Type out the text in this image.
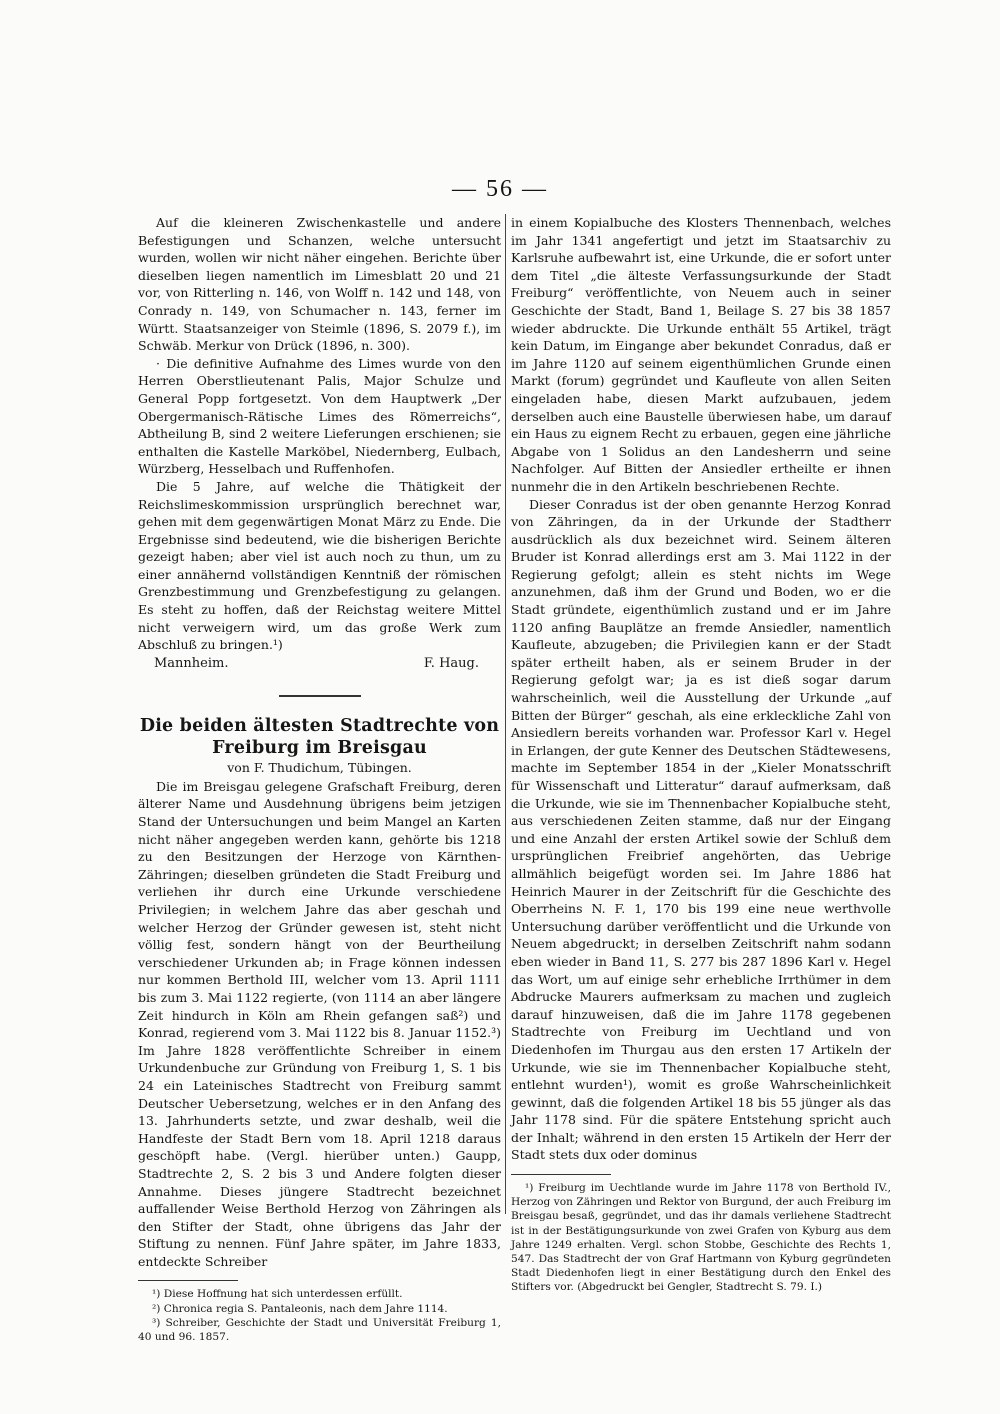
— 56 —

Auf die kleineren Zwischenkastelle und andere Befestigungen und Schanzen, welche untersucht wurden, wollen wir nicht näher eingehen. Berichte über dieselben liegen namentlich im Limesblatt 20 und 21 vor, von Ritterling n. 146, von Wolff n. 142 und 148, von Conrady n. 149, von Schumacher n. 143, ferner im Württ. Staatsanzeiger von Steimle (1896, S. 2079 f.), im Schwäb. Merkur von Drück (1896, n. 300).

· Die definitive Aufnahme des Limes wurde von den Herren Oberstlieutenant Palis, Major Schulze und General Popp fortgesetzt. Von dem Hauptwerk „Der Obergermanisch-Rätische Limes des Römerreichs“, Abtheilung B, sind 2 weitere Lieferungen erschienen; sie enthalten die Kastelle Marköbel, Niedernberg, Eulbach, Würzberg, Hesselbach und Ruffenhofen.

Die 5 Jahre, auf welche die Thätigkeit der Reichslimeskommission ursprünglich berechnet war, gehen mit dem gegenwärtigen Monat März zu Ende. Die Ergebnisse sind bedeutend, wie die bisherigen Berichte gezeigt haben; aber viel ist auch noch zu thun, um zu einer annähernd vollständigen Kenntniß der römischen Grenzbestimmung und Grenzbefestigung zu gelangen. Es steht zu hoffen, daß der Reichstag weitere Mittel nicht verweigern wird, um das große Werk zum Abschluß zu bringen.¹)

Mannheim.	F. Haug.
Die beiden ältesten Stadtrechte von Freiburg im Breisgau
von F. Thudichum, Tübingen.

Die im Breisgau gelegene Grafschaft Freiburg, deren älterer Name und Ausdehnung übrigens beim jetzigen Stand der Untersuchungen und beim Mangel an Karten nicht näher angegeben werden kann, gehörte bis 1218 zu den Besitzungen der Herzoge von Kärnthen-Zähringen; dieselben gründeten die Stadt Freiburg und verliehen ihr durch eine Urkunde verschiedene Privilegien; in welchem Jahre das aber geschah und welcher Herzog der Gründer gewesen ist, steht nicht völlig fest, sondern hängt von der Beurtheilung verschiedener Urkunden ab; in Frage können indessen nur kommen Berthold III, welcher vom 13. April 1111 bis zum 3. Mai 1122 regierte, (von 1114 an aber längere Zeit hindurch in Köln am Rhein gefangen saß²) und Konrad, regierend vom 3. Mai 1122 bis 8. Januar 1152.³) Im Jahre 1828 veröffentlichte Schreiber in einem Urkundenbuche zur Gründung von Freiburg 1, S. 1 bis 24 ein Lateinisches Stadtrecht von Freiburg sammt Deutscher Uebersetzung, welches er in den Anfang des 13. Jahrhunderts setzte, und zwar deshalb, weil die Handfeste der Stadt Bern vom 18. April 1218 daraus geschöpft habe. (Vergl. hierüber unten.) Gaupp, Stadtrechte 2, S. 2 bis 3 und Andere folgten dieser Annahme. Dieses jüngere Stadtrecht bezeichnet auffallender Weise Berthold Herzog von Zähringen als den Stifter der Stadt, ohne übrigens das Jahr der Stiftung zu nennen. Fünf Jahre später, im Jahre 1833, entdeckte Schreiber

¹) Diese Hoffnung hat sich unterdessen erfüllt.

²) Chronica regia S. Pantaleonis, nach dem Jahre 1114.

³) Schreiber, Geschichte der Stadt und Universität Freiburg 1, 40 und 96. 1857.

in einem Kopialbuche des Klosters Thennenbach, welches im Jahr 1341 angefertigt und jetzt im Staatsarchiv zu Karlsruhe aufbewahrt ist, eine Urkunde, die er sofort unter dem Titel „die älteste Verfassungsurkunde der Stadt Freiburg“ veröffentlichte, von Neuem auch in seiner Geschichte der Stadt, Band 1, Beilage S. 27 bis 38 1857 wieder abdruckte. Die Urkunde enthält 55 Artikel, trägt kein Datum, im Eingange aber bekundet Conradus, daß er im Jahre 1120 auf seinem eigenthümlichen Grunde einen Markt (forum) gegründet und Kaufleute von allen Seiten eingeladen habe, diesen Markt aufzubauen, jedem derselben auch eine Baustelle überwiesen habe, um darauf ein Haus zu eignem Recht zu erbauen, gegen eine jährliche Abgabe von 1 Solidus an den Landesherrn und seine Nachfolger. Auf Bitten der Ansiedler ertheilte er ihnen nunmehr die in den Artikeln beschriebenen Rechte.

Dieser Conradus ist der oben genannte Herzog Konrad von Zähringen, da in der Urkunde der Stadtherr ausdrücklich als dux bezeichnet wird. Seinem älteren Bruder ist Konrad allerdings erst am 3. Mai 1122 in der Regierung gefolgt; allein es steht nichts im Wege anzunehmen, daß ihm der Grund und Boden, wo er die Stadt gründete, eigenthümlich zustand und er im Jahre 1120 anfing Bauplätze an fremde Ansiedler, namentlich Kaufleute, abzugeben; die Privilegien kann er der Stadt später ertheilt haben, als er seinem Bruder in der Regierung gefolgt war; ja es ist dieß sogar darum wahrscheinlich, weil die Ausstellung der Urkunde „auf Bitten der Bürger“ geschah, als eine erkleckliche Zahl von Ansiedlern bereits vorhanden war. Professor Karl v. Hegel in Erlangen, der gute Kenner des Deutschen Städtewesens, machte im September 1854 in der „Kieler Monatsschrift für Wissenschaft und Litteratur“ darauf aufmerksam, daß die Urkunde, wie sie im Thennenbacher Kopialbuche steht, aus verschiedenen Zeiten stamme, daß nur der Eingang und eine Anzahl der ersten Artikel sowie der Schluß dem ursprünglichen Freibrief angehörten, das Uebrige allmählich beigefügt worden sei. Im Jahre 1886 hat Heinrich Maurer in der Zeitschrift für die Geschichte des Oberrheins N. F. 1, 170 bis 199 eine neue werthvolle Untersuchung darüber veröffentlicht und die Urkunde von Neuem abgedruckt; in derselben Zeitschrift nahm sodann eben wieder in Band 11, S. 277 bis 287 1896 Karl v. Hegel das Wort, um auf einige sehr erhebliche Irrthümer in dem Abdrucke Maurers aufmerksam zu machen und zugleich darauf hinzuweisen, daß die im Jahre 1178 gegebenen Stadtrechte von Freiburg im Uechtland und von Diedenhofen im Thurgau aus den ersten 17 Artikeln der Urkunde, wie sie im Thennenbacher Kopialbuche steht, entlehnt wurden¹), womit es große Wahrscheinlichkeit gewinnt, daß die folgenden Artikel 18 bis 55 jünger als das Jahr 1178 sind. Für die spätere Entstehung spricht auch der Inhalt; während in den ersten 15 Artikeln der Herr der Stadt stets dux oder dominus

¹) Freiburg im Uechtlande wurde im Jahre 1178 von Berthold IV., Herzog von Zähringen und Rektor von Burgund, der auch Freiburg im Breisgau besaß, gegründet, und das ihr damals verliehene Stadtrecht ist in der Bestätigungsurkunde von zwei Grafen von Kyburg aus dem Jahre 1249 erhalten. Vergl. schon Stobbe, Geschichte des Rechts 1, 547. Das Stadtrecht der von Graf Hartmann von Kyburg gegründeten Stadt Diedenhofen liegt in einer Bestätigung durch den Enkel des Stifters vor. (Abgedruckt bei Gengler, Stadtrecht S. 79. I.)
